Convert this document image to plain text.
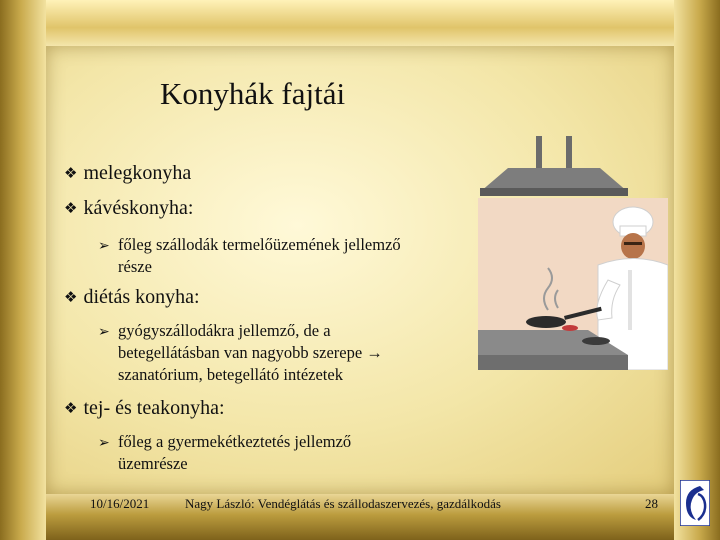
Konyhák fajtái
❖ melegkonyha
❖ kávéskonyha:
➢ főleg szállodák termelőüzemének jellemző
része
❖ diétás konyha:
➢ gyógyszállodákra jellemző, de a
betegellátásban van nagyobb szerepe →
szanatórium, betegellátó intézetek
❖ tej- és teakonyha:
➢ főleg a gyermekétkeztetés jellemző
üzemrésze
10/16/2021	Nagy László: Vendéglátás és szállodaszervezés, gazdálkodás	28
